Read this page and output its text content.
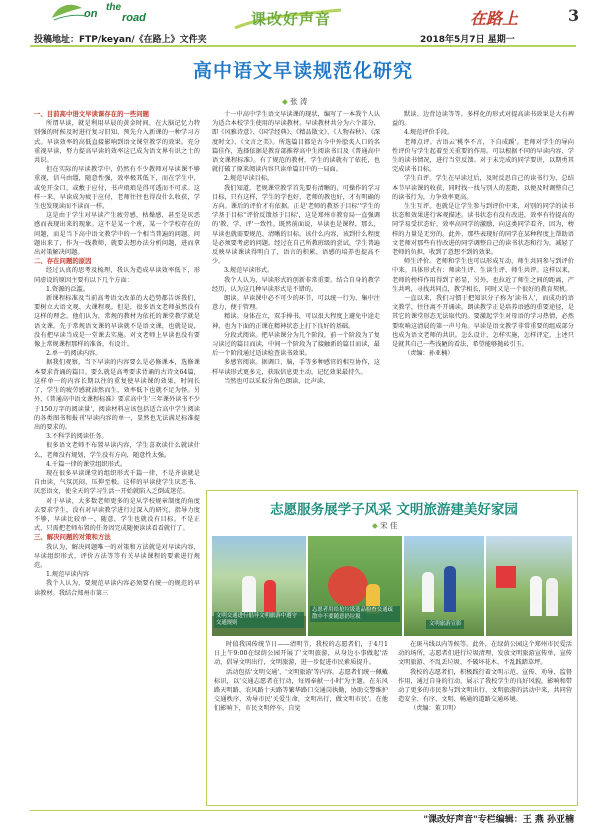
on
the
road
投稿地址：FTP/keyan/《在路上》文件夹
课改好声音	在路上	3
2018年5月7日 星期一
高中语文早读规范化研究
◆ 张 涛

一、目前高中语文早读课存在的一些问题

所谓早读，就是利用早晨的黄金时间，在大脑记忆力特别强的时候及时进行复习旧知、预先介入新课的一种学习方式。早读效率的高低直接影响到语文课堂教学的效果。充分重视早读，努力提高早读的效率这已成为语文界有识之士的共识。

但在实际的早读教学中，仍然有不少教师对早读课不够重视，信马由缰，随意性强，效率极其低下，而在学生中，或免开金口，或敷于应付，书声琅琅是得可透而不可求。这样一来，早读成为疲于应付，老师往往也得没什么收获，学生也发现读而不读而一样。

这是由于学生对早读产生疲劳感，枯燥感，甚至是厌恶感而表现出来的现象。这不是某一个班，某一个学校存在的问题，而是当下高中语文教学中的一个相当普遍的问题。问题出来了，作为一线教师，就要去想办法分析问题，进而拿出对策解决问题。

二、存在问题的原因

经过认真的思考及梳理，我认为造成早读效率低下，形同虚设的原因主要有以下几个方面：

1.资源的泛滥。

新课程标准及当前高考语文改革的大趋势都告诉我们，要树立大语文观、大课程观。但是，很多语文老师虽然没有这样的理念。他们认为，常规的教材为依托的课堂教学就是语文课。先于常规语文课的早读就不是语文课，也就是说，没有把早读当成是一堂课去实施。对文老师上早读也没有要像上常规课程那样的准备，有设计。

2.单一的阅读内容。

据我们观察，当下早读的内容要么是必修课本，选修课本要求背诵的篇目。要么就是高考要求背诵的古诗文64篇，这样单一的内容长期以往的重复使早读课的效果，时间长了，学生的疲劳感就油然而生，效率低下也就不足为怪。另外，《普通高中语文课程标准》要求高中生'三年课外读书不少于150万字的阅读量'，阅读材料应该包括适合高中学生阅读的各类图书和报刊'早读内容的单一，显然也无法满足标准提出的要求的。

3.不科学的阅读任务。

很多语文老师不布置早读内容，学生喜欢读什么就读什么，老师没有规划，学生没有方向，随意性太强。

4.千篇一律的课堂组织形式。

现在很多早读课堂的组织形式千篇一律，不是齐读就是自由读，气氛沉闷，压抑至极。这样的早读使学生厌恶书、厌恶语文，使全天的学习生活一开始就陷入乏倒或迷茫。

对于早读，大多数老师更多的是从学校规章制度的角度去要求学生，没有对早读教学进行过深入的研究，指导力度不够，早读比较单一、随意，学生也就没有目标。不是正式，只需把老师布置的任务因完成随便读读看看就行了。

三、解决问题的对策和方法

我认为，解决问题唯一的对策和方法就是对早读内容，早读组织形式，评价方法等等有关早读课程的要素进行规范。

1.规范早读内容

我个人认为，要规范早读内容必须要有统一的规范的早读教材。我结合郑州市第三

十一中高中学生语文早读课的现状，编写了一本我个人认为适合本校学生使用的早读教材。早读教材共分为六个部分，即《风雅诗意》、《国学经典》、《精品散文》、《人物春秋》、《深度时文》、《文言之美》。所选篇目都是古今中外脍炙人口的名篇佳作，选择依据是教育部推荐高中生阅读书目及《普通高中语文课程标准》。有了规范的教材，学生的读就有了依托，也就打破了原来阅读内容只读单篇目中的一局面。

2.规范早读目标。

我们知道，老规课堂教学首先要有清晰的、可操作的学习目标，只有这样，学生的学也好，老师的教也好，才有明确的方向。课后的评价才有依据。正是'老师的教基于目标''学生的学基于目标''评价反馈基于目标'，这是郑州市教育局一直强调的'教、学、评'一致性。既然前面说，早读也是课程，那么，早读也就需要规范、清晰的目标。该什么内容，该到什么程度是必须要考虑的问题。经过在自己所教班级的尝试，学生普遍反映早读课读得明白了，语言的积累、语感的培养也提高不少。

3.规范早读形式。

我个人认为，早读形式的创新非常重要。结合自身的教学经历，认为这几种早读形式是不错的。

朗读。早读课中必不可少的环节，可以统一行为、集中注意力，便于管理。

精读。身体在立，双手捧书，可以很大程度上避免中途走神，也为下面的正课在精神状态上打下良好的基础。

分段式阅读。把早读课分为几个阶段，前一个阶段为了复习读过的篇目而读，中间一个阶段为了接触新的篇目而读，最后一个阶段通过适读检查读书效果。

多感官阅读。据调口、脑，手等多种感官的相互协作，这样早读形式更多元，获取信息更主动，记忆效果最持久。

当然也可以采取分角色朗读、比声读、

默读、边背边读等等。多样化的形式对提高读书效果是大有裨益的。

4.规范评价手段。

老师点评。古语云'桃李不言，下自成蹊'。老师对学生的导向性评价与学生起着至关重要的作用。可以根据不同的早读内容、学生的读书情况，进行当堂反馈。对于未完成的同学要讲，以期勇其完成读书目标。

学生自评。学生在早读过后，及时反思自己的读书行为，总结本节早读课的收获，同时找一找与别人的差距，以便及时调整自己的读书行为，力争效率更高。

生生互评。也就是让学生参与到评价中来，对别的同学的读书状态和效果进行客观描述。读书状态有没有改进，效率有待提高的同学易受状态好，效率高同学的激励，向这类同学看齐，因为，榜样的力量是无穷的。此外，那些表现好的同学在某种程度上帮助语文老师对那些有待改进的同学调整自己的读书状态和行为，减轻了老师的负担，收到了意想不到的效果。

师生评价。老师和学生也可以形成互动，师生共同参与到评价中来。具体形式有：师读生评、生读生评、师生共评。这样以来，老师的榜样作用得到了彰显，另外，也拉近了师生之间的距离，产生共鸣，寻找共同点，教学相长，同时又是一个很好的教育契机。

一直以来，我们习惯于把知识分子称为'读书人'，而成功的语文教学，往往离不开诵读。朗读教学正是培养语感的重要途径，是其它的课堂形态无法取代的。要激起学生对母语的学习热情，必然要吹响这清晨的第一声号角。早读是语文教学非常重要的组成部分也成为语文老师的共识。怎么设计，怎样实施，怎样评定，上述只是就其自己一些浅陋的看法，希望能够抛砖引玉。

（责编：孙亚楠）

志愿服务展学子风采 文明旅游建美好家园
◆ 宋 佳
文明交通进行倡导文明旅游中遵守交通规则
志愿者用给抢垃圾选品检查交通疏散中不要随意扔垃圾
文明旅游宣影

时值我国传统节日——清明节，我校的志愿者们，于4月1日上午9:00在绿荫公园开展了'文明旅游，从身边小事做起'活动，倡导文明出行，文明旅游，进一步促进市民素质提升。

活动包括'文明交通'、'文明旅游'等内容。志愿者们统一佩戴标识，以'交通志愿者在行动，每周奉献一小时'为主题，在东风路天明路、农风路十天路等繁华路口交通岗执勤，协助交警维护交通秩序，劝导市民'关爱生命，文明出行，做文明市民'。在他们影响下，市民文明停车，自觉

在斑马线以内等候等。此外，在绿荫公园这个郑州市民爱活动的场所，志愿者们进行垃圾清理，发放文明旅游宣传单，宣传文明旅游、不乱丢垃圾、不破坏花木、不乱践踏草坪。

我校的志愿者们，积极践行着文明示范、宣传、劝导、监督作用，通过自身的行动，展示了我校学生的良好风貌，影响和带动了更多的市民参与到文明出行、文明旅游的活动中来，共同营造安全、有序、文明、畅通的道路交通环境。

（责编：董卫明）

"课改好声音"专栏编辑：王 燕 孙亚楠
